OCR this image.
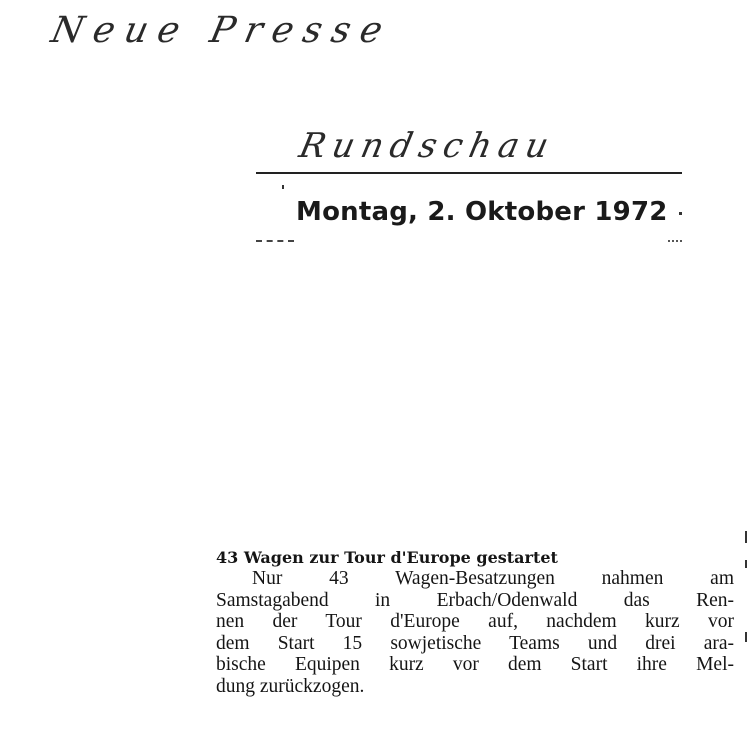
Neue Presse
Rundschau
Montag, 2. Oktober 1972
43 Wagen zur Tour d'Europe gestartet
Nur 43 Wagen-Besatzungen nahmen am
Samstagabend in Erbach/Odenwald das Ren-
nen der Tour d'Europe auf, nachdem kurz vor
dem Start 15 sowjetische Teams und drei ara-
bische Equipen kurz vor dem Start ihre Mel-
dung zurückzogen.
